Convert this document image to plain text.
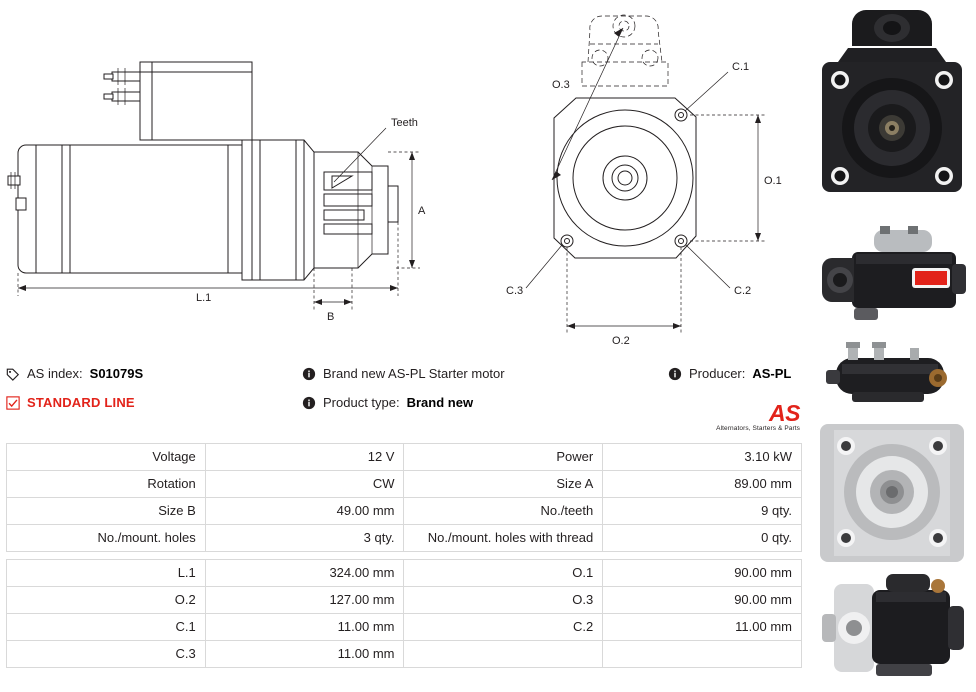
Teeth
A
L.1
B
C.1
C.2
C.3
O.1
O.2
O.3
AS index: S01079S
STANDARD LINE
Brand new AS-PL Starter motor
Product type: Brand new
Producer: AS-PL
AS
Alternators, Starters & Parts
Voltage	12 V	Power	3.10 kW
Rotation	CW	Size A	89.00 mm
Size B	49.00 mm	No./teeth	9 qty.
No./mount. holes	3 qty.	No./mount. holes with thread	0 qty.

L.1	324.00 mm	O.1	90.00 mm
O.2	127.00 mm	O.3	90.00 mm
C.1	11.00 mm	C.2	11.00 mm
C.3	11.00 mm		
